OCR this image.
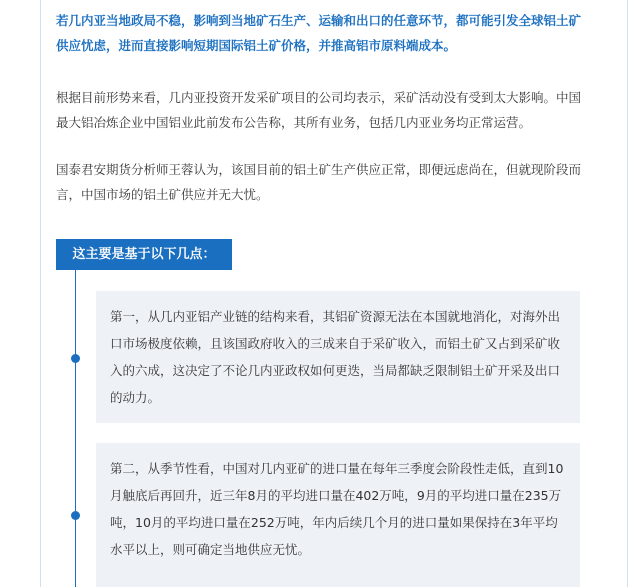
若几内亚当地政局不稳，影响到当地矿石生产、运输和出口的任意环节，都可能引发全球铝土矿供应忧虑，进而直接影响短期国际铝土矿价格，并推高铝市原料端成本。

根据目前形势来看，几内亚投资开发采矿项目的公司均表示，采矿活动没有受到太大影响。中国最大铝冶炼企业中国铝业此前发布公告称，其所有业务，包括几内亚业务均正常运营。

国泰君安期货分析师王蓉认为，该国目前的铝土矿生产供应正常，即便远虑尚在，但就现阶段而言，中国市场的铝土矿供应并无大忧。

这主要是基于以下几点：
第一，从几内亚铝产业链的结构来看，其铝矿资源无法在本国就地消化，对海外出口市场极度依赖，且该国政府收入的三成来自于采矿收入，而铝土矿又占到采矿收入的六成，这决定了不论几内亚政权如何更迭，当局都缺乏限制铝土矿开采及出口的动力。
第二，从季节性看，中国对几内亚矿的进口量在每年三季度会阶段性走低，直到10月触底后再回升，近三年8月的平均进口量在402万吨，9月的平均进口量在235万吨，10月的平均进口量在252万吨，年内后续几个月的进口量如果保持在3年平均水平以上，则可确定当地供应无忧。
